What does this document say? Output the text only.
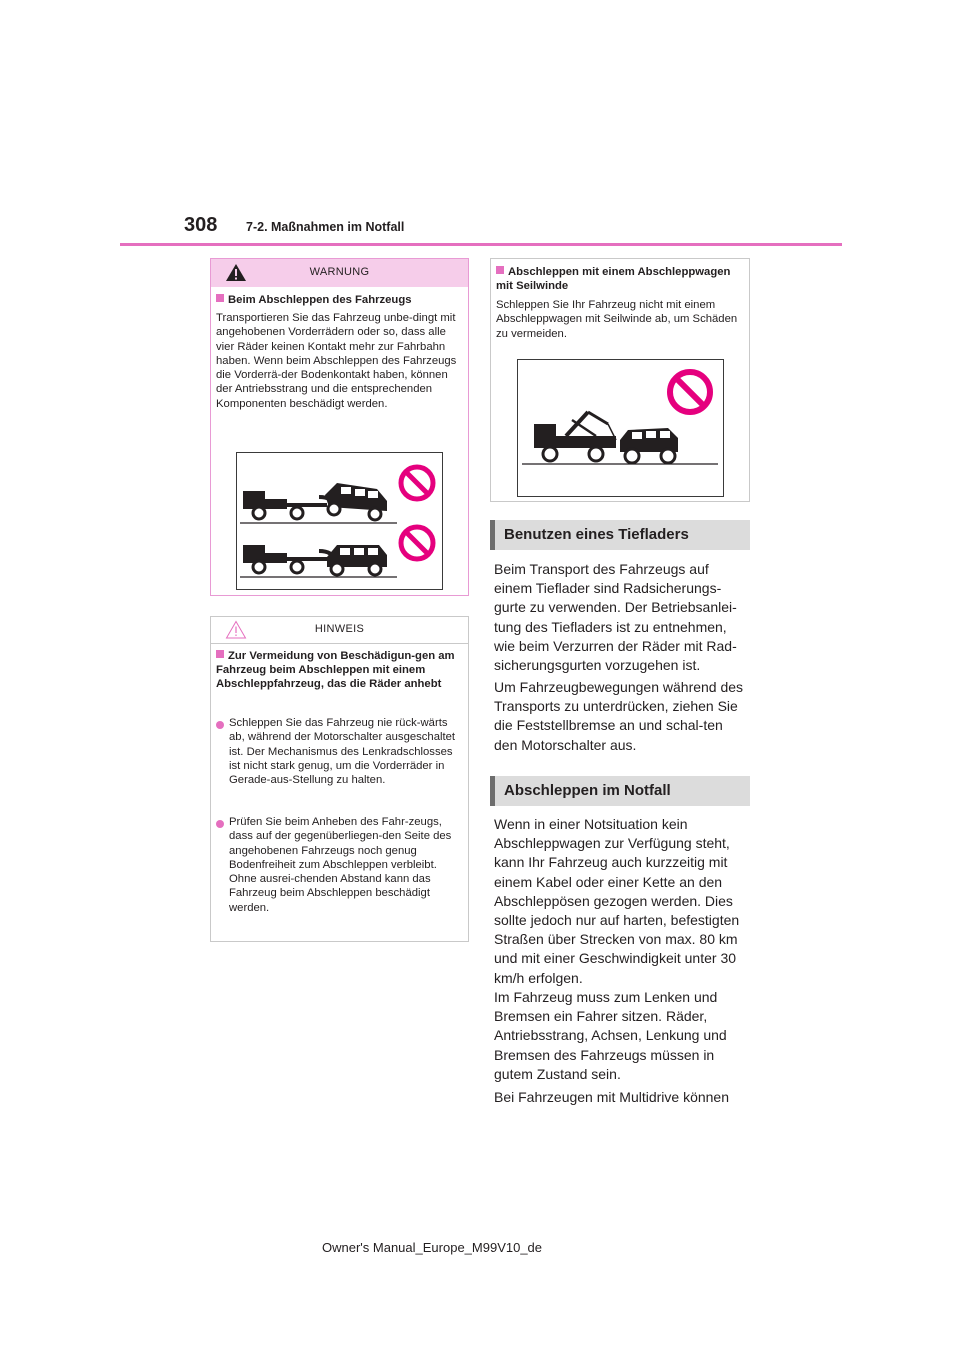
308 7-2. Maßnahmen im Notfall
WARNUNG
Beim Abschleppen des Fahrzeugs
Transportieren Sie das Fahrzeug unbe-dingt mit angehobenen Vorderrädern oder so, dass alle vier Räder keinen Kontakt mehr zur Fahrbahn haben. Wenn beim Abschleppen des Fahrzeugs die Vorderrä-der Bodenkontakt haben, können der Antriebsstrang und die entsprechenden Komponenten beschädigt werden.
HINWEIS
Zur Vermeidung von Beschädigun-gen am Fahrzeug beim Abschleppen mit einem Abschleppfahrzeug, das die Räder anhebt
Schleppen Sie das Fahrzeug nie rück-wärts ab, während der Motorschalter ausgeschaltet ist. Der Mechanismus des Lenkradschlosses ist nicht stark genug, um die Vorderräder in Gerade-aus-Stellung zu halten.
Prüfen Sie beim Anheben des Fahr-zeugs, dass auf der gegenüberliegen-den Seite des angehobenen Fahrzeugs noch genug Bodenfreiheit zum Abschleppen verbleibt. Ohne ausrei-chenden Abstand kann das Fahrzeug beim Abschleppen beschädigt werden.
Abschleppen mit einem Abschleppwagen mit Seilwinde
Schleppen Sie Ihr Fahrzeug nicht mit einem Abschleppwagen mit Seilwinde ab, um Schäden zu vermeiden.
Benutzen eines Tiefladers
Beim Transport des Fahrzeugs auf einem Tieflader sind Radsicherungs-gurte zu verwenden. Der Betriebsanlei-tung des Tiefladers ist zu entnehmen, wie beim Verzurren der Räder mit Rad-sicherungsgurten vorzugehen ist.
Um Fahrzeugbewegungen während des Transports zu unterdrücken, ziehen Sie die Feststellbremse an und schal-ten den Motorschalter aus.
Abschleppen im Notfall
Wenn in einer Notsituation kein Abschleppwagen zur Verfügung steht, kann Ihr Fahrzeug auch kurzzeitig mit einem Kabel oder einer Kette an den Abschleppösen gezogen werden. Dies sollte jedoch nur auf harten, befestigten Straßen über Strecken von max. 80 km und mit einer Geschwindigkeit unter 30 km/h erfolgen.
Im Fahrzeug muss zum Lenken und Bremsen ein Fahrer sitzen. Räder, Antriebsstrang, Achsen, Lenkung und Bremsen des Fahrzeugs müssen in gutem Zustand sein.
Bei Fahrzeugen mit Multidrive können
Owner's Manual_Europe_M99V10_de
